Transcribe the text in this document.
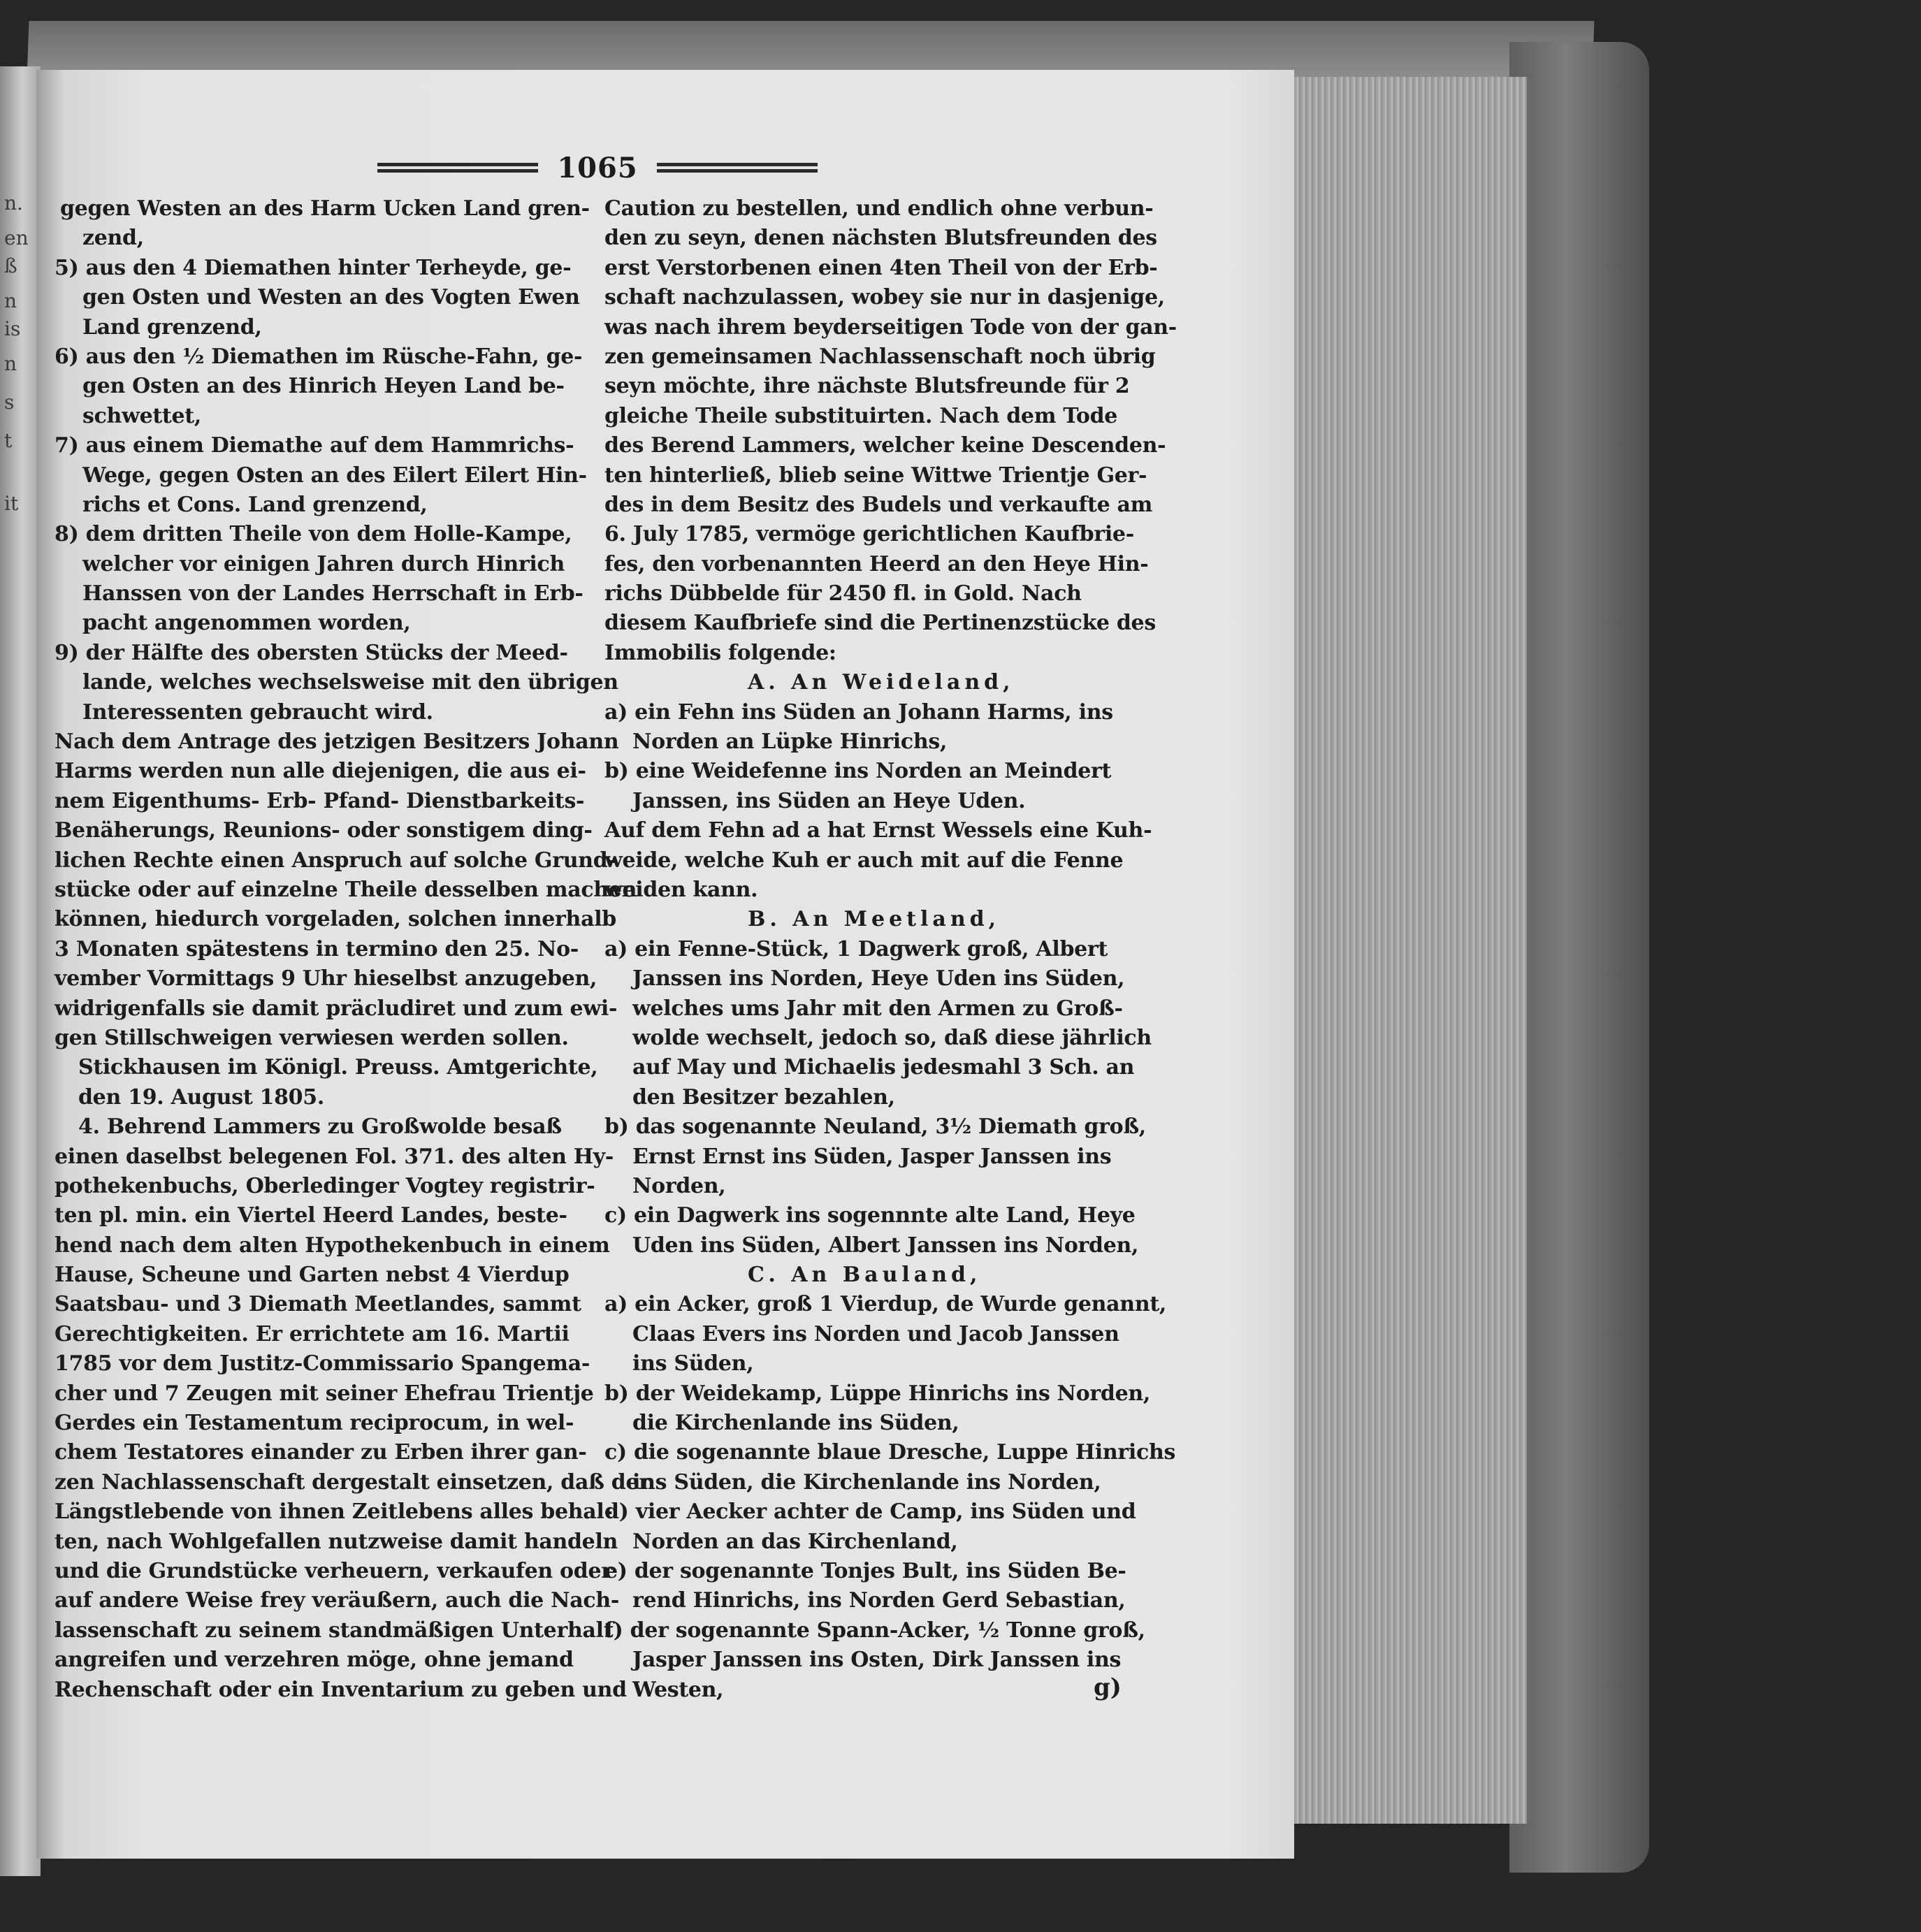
n.
en
ß
n
is
n
s
t
it
1065
gegen Westen an des Harm Ucken Land gren-
zend,
5) aus den 4 Diemathen hinter Terheyde, ge-
gen Osten und Westen an des Vogten Ewen
Land grenzend,
6) aus den ½ Diemathen im Rüsche-Fahn, ge-
gen Osten an des Hinrich Heyen Land be-
schwettet,
7) aus einem Diemathe auf dem Hammrichs-
Wege, gegen Osten an des Eilert Eilert Hin-
richs et Cons. Land grenzend,
8) dem dritten Theile von dem Holle-Kampe,
welcher vor einigen Jahren durch Hinrich
Hanssen von der Landes Herrschaft in Erb-
pacht angenommen worden,
9) der Hälfte des obersten Stücks der Meed-
lande, welches wechselsweise mit den übrigen
Interessenten gebraucht wird.
Nach dem Antrage des jetzigen Besitzers Johann
Harms werden nun alle diejenigen, die aus ei-
nem Eigenthums- Erb- Pfand- Dienstbarkeits-
Benäherungs, Reunions- oder sonstigem ding-
lichen Rechte einen Anspruch auf solche Grund-
stücke oder auf einzelne Theile desselben machen
können, hiedurch vorgeladen, solchen innerhalb
3 Monaten spätestens in termino den 25. No-
vember Vormittags 9 Uhr hieselbst anzugeben,
widrigenfalls sie damit präcludiret und zum ewi-
gen Stillschweigen verwiesen werden sollen.
Stickhausen im Königl. Preuss. Amtgerichte,
den 19. August 1805.
4. Behrend Lammers zu Großwolde besaß
einen daselbst belegenen Fol. 371. des alten Hy-
pothekenbuchs, Oberledinger Vogtey registrir-
ten pl. min. ein Viertel Heerd Landes, beste-
hend nach dem alten Hypothekenbuch in einem
Hause, Scheune und Garten nebst 4 Vierdup
Saatsbau- und 3 Diemath Meetlandes, sammt
Gerechtigkeiten. Er errichtete am 16. Martii
1785 vor dem Justitz-Commissario Spangema-
cher und 7 Zeugen mit seiner Ehefrau Trientje
Gerdes ein Testamentum reciprocum, in wel-
chem Testatores einander zu Erben ihrer gan-
zen Nachlassenschaft dergestalt einsetzen, daß der
Längstlebende von ihnen Zeitlebens alles behal-
ten, nach Wohlgefallen nutzweise damit handeln
und die Grundstücke verheuern, verkaufen oder
auf andere Weise frey veräußern, auch die Nach-
lassenschaft zu seinem standmäßigen Unterhalt
angreifen und verzehren möge, ohne jemand
Rechenschaft oder ein Inventarium zu geben und
Caution zu bestellen, und endlich ohne verbun-
den zu seyn, denen nächsten Blutsfreunden des
erst Verstorbenen einen 4ten Theil von der Erb-
schaft nachzulassen, wobey sie nur in dasjenige,
was nach ihrem beyderseitigen Tode von der gan-
zen gemeinsamen Nachlassenschaft noch übrig
seyn möchte, ihre nächste Blutsfreunde für 2
gleiche Theile substituirten. Nach dem Tode
des Berend Lammers, welcher keine Descenden-
ten hinterließ, blieb seine Wittwe Trientje Ger-
des in dem Besitz des Budels und verkaufte am
6. July 1785, vermöge gerichtlichen Kaufbrie-
fes, den vorbenannten Heerd an den Heye Hin-
richs Dübbelde für 2450 fl. in Gold. Nach
diesem Kaufbriefe sind die Pertinenzstücke des
Immobilis folgende:
A. An Weideland,
a) ein Fehn ins Süden an Johann Harms, ins
Norden an Lüpke Hinrichs,
b) eine Weidefenne ins Norden an Meindert
Janssen, ins Süden an Heye Uden.
Auf dem Fehn ad a hat Ernst Wessels eine Kuh-
weide, welche Kuh er auch mit auf die Fenne
weiden kann.
B. An Meetland,
a) ein Fenne-Stück, 1 Dagwerk groß, Albert
Janssen ins Norden, Heye Uden ins Süden,
welches ums Jahr mit den Armen zu Groß-
wolde wechselt, jedoch so, daß diese jährlich
auf May und Michaelis jedesmahl 3 Sch. an
den Besitzer bezahlen,
b) das sogenannte Neuland, 3½ Diemath groß,
Ernst Ernst ins Süden, Jasper Janssen ins
Norden,
c) ein Dagwerk ins sogennnte alte Land, Heye
Uden ins Süden, Albert Janssen ins Norden,
C. An Bauland,
a) ein Acker, groß 1 Vierdup, de Wurde genannt,
Claas Evers ins Norden und Jacob Janssen
ins Süden,
b) der Weidekamp, Lüppe Hinrichs ins Norden,
die Kirchenlande ins Süden,
c) die sogenannte blaue Dresche, Luppe Hinrichs
ins Süden, die Kirchenlande ins Norden,
d) vier Aecker achter de Camp, ins Süden und
Norden an das Kirchenland,
e) der sogenannte Tonjes Bult, ins Süden Be-
rend Hinrichs, ins Norden Gerd Sebastian,
f) der sogenannte Spann-Acker, ½ Tonne groß,
Jasper Janssen ins Osten, Dirk Janssen ins
Westen,	g)
